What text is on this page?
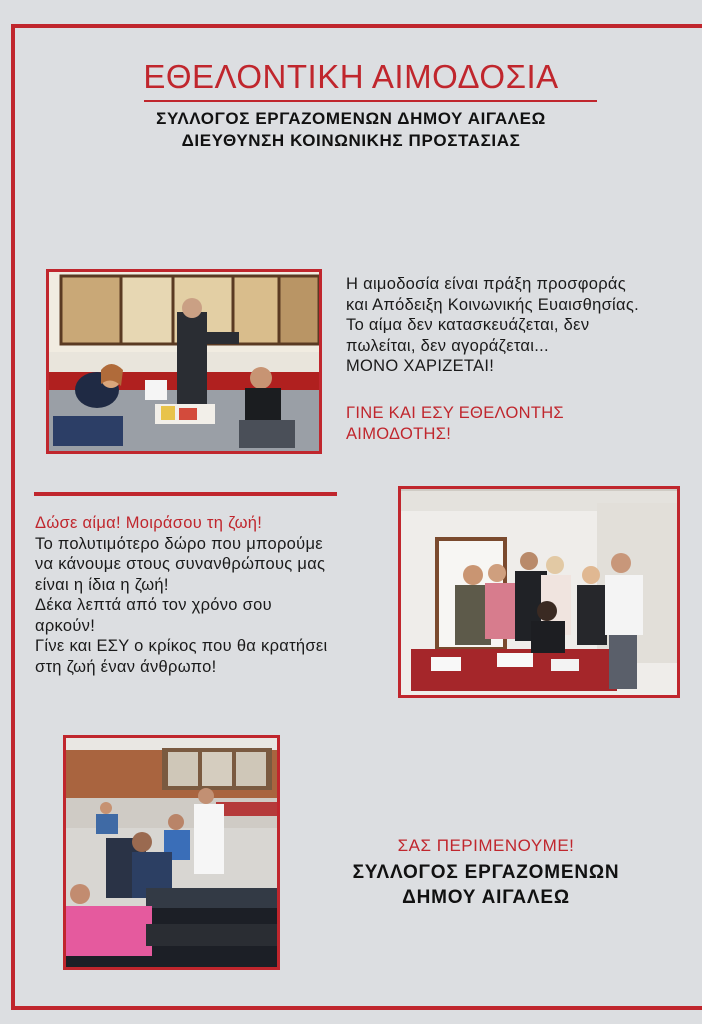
ΕΘΕΛΟΝΤΙΚΗ ΑΙΜΟΔΟΣΙΑ
ΣΥΛΛΟΓΟΣ ΕΡΓΑΖΟΜΕΝΩΝ ΔΗΜΟΥ ΑΙΓΑΛΕΩ
ΔΙΕΥΘΥΝΣΗ ΚΟΙΝΩΝΙΚΗΣ ΠΡΟΣΤΑΣΙΑΣ

Η αιμοδοσία είναι πράξη προσφοράς

και Απόδειξη Κοινωνικής Ευαισθησίας.

Το αίμα δεν κατασκευάζεται, δεν

πωλείται, δεν αγοράζεται...

ΜΟΝΟ ΧΑΡΙΖΕΤΑΙ!

ΓΙΝΕ ΚΑΙ ΕΣΥ ΕΘΕΛΟΝΤΗΣ
ΑΙΜΟΔΟΤΗΣ!

Δώσε αίμα! Μοιράσου τη ζωή!

Το πολυτιμότερο δώρο που μπορούμε

να κάνουμε στους συνανθρώπους μας

είναι η ίδια η ζωή!

Δέκα λεπτά από τον χρόνο σου

αρκούν!

Γίνε και ΕΣΥ ο κρίκος που θα κρατήσει

στη ζωή έναν άνθρωπο!

ΣΑΣ ΠΕΡΙΜΕΝΟΥΜΕ!
ΣΥΛΛΟΓΟΣ ΕΡΓΑΖΟΜΕΝΩΝ
ΔΗΜΟΥ ΑΙΓΑΛΕΩ
